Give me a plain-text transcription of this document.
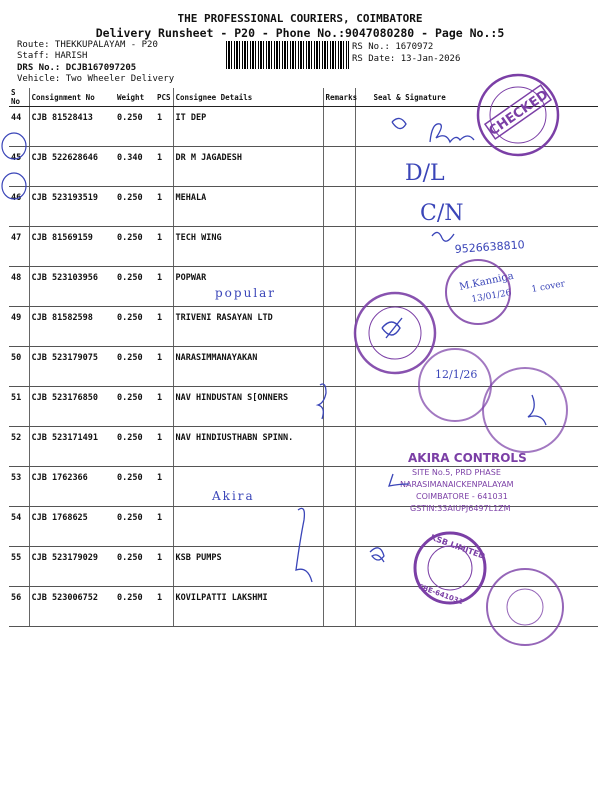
THE PROFESSIONAL COURIERS, COIMBATORE
Delivery Runsheet - P20 - Phone No.:9047080280 - Page No.:5
Route: THEKKUPALAYAM - P20
Staff: HARISH
DRS No.: DCJB167097205
Vehicle: Two Wheeler Delivery
RS No.: 1670972
RS Date: 13-Jan-2026
S No	Consignment No	Weight	PCS	Consignee Details	Remarks	Seal & Signature
44	CJB 81528413	0.250	1	IT DEP		
45	CJB 522628646	0.340	1	DR M JAGADESH		
46	CJB 523193519	0.250	1	MEHALA		
47	CJB 81569159	0.250	1	TECH WING		
48	CJB 523103956	0.250	1	POPWAR		
49	CJB 81582598	0.250	1	TRIVENI RASAYAN LTD		
50	CJB 523179075	0.250	1	NARASIMMANAYAKAN		
51	CJB 523176850	0.250	1	NAV HINDUSTAN S[ONNERS		
52	CJB 523171491	0.250	1	NAV HINDIUSTHABN SPINN.		
53	CJB 1762366	0.250	1			
54	CJB 1768625	0.250	1			
55	CJB 523179029	0.250	1	KSB PUMPS		
56	CJB 523006752	0.250	1	KOVILPATTI LAKSHMI		
CHECKED
D/L
C/N
9526638810
popular
M.Kanniga
13/01/26
1 cover
12/1/26
AKIRA CONTROLS
SITE No.5, PRD PHASE
NARASIMANAICKENPALAYAM
COIMBATORE - 641031
GSTIN:33AIUPJ6497L1ZM
Akira
KSB LIMITED
CBE-641031
